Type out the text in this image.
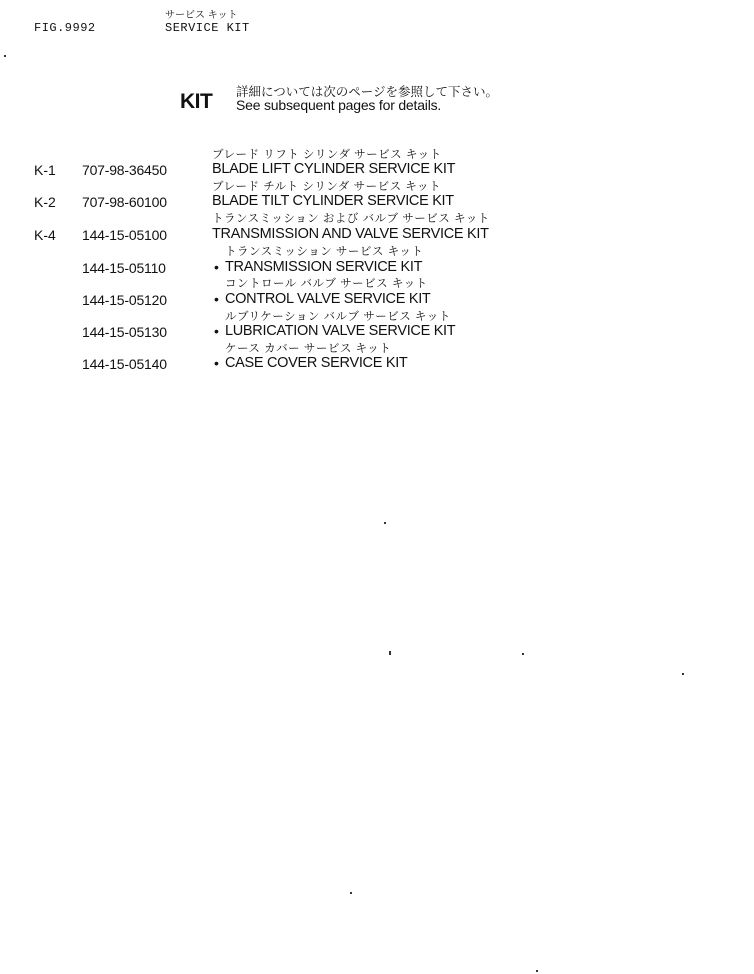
FIG.9992
サービス キット
SERVICE KIT
KIT 詳細については次のページを参照して下さい。
See subsequent pages for details.
ブレード リフト シリンダ サービス キット
K-1 707-98-36450	BLADE LIFT CYLINDER SERVICE KIT
ブレード チルト シリンダ サービス キット
K-2 707-98-60100	BLADE TILT CYLINDER SERVICE KIT
トランスミッション および バルブ サービス キット
K-4 144-15-05100	TRANSMISSION AND VALVE SERVICE KIT
トランスミッション サービス キット
144-15-05110	• TRANSMISSION SERVICE KIT
コントロール バルブ サービス キット
144-15-05120	• CONTROL VALVE SERVICE KIT
ルブリケーション バルブ サービス キット
144-15-05130	• LUBRICATION VALVE SERVICE KIT
ケース カバー サービス キット
144-15-05140	• CASE COVER SERVICE KIT
